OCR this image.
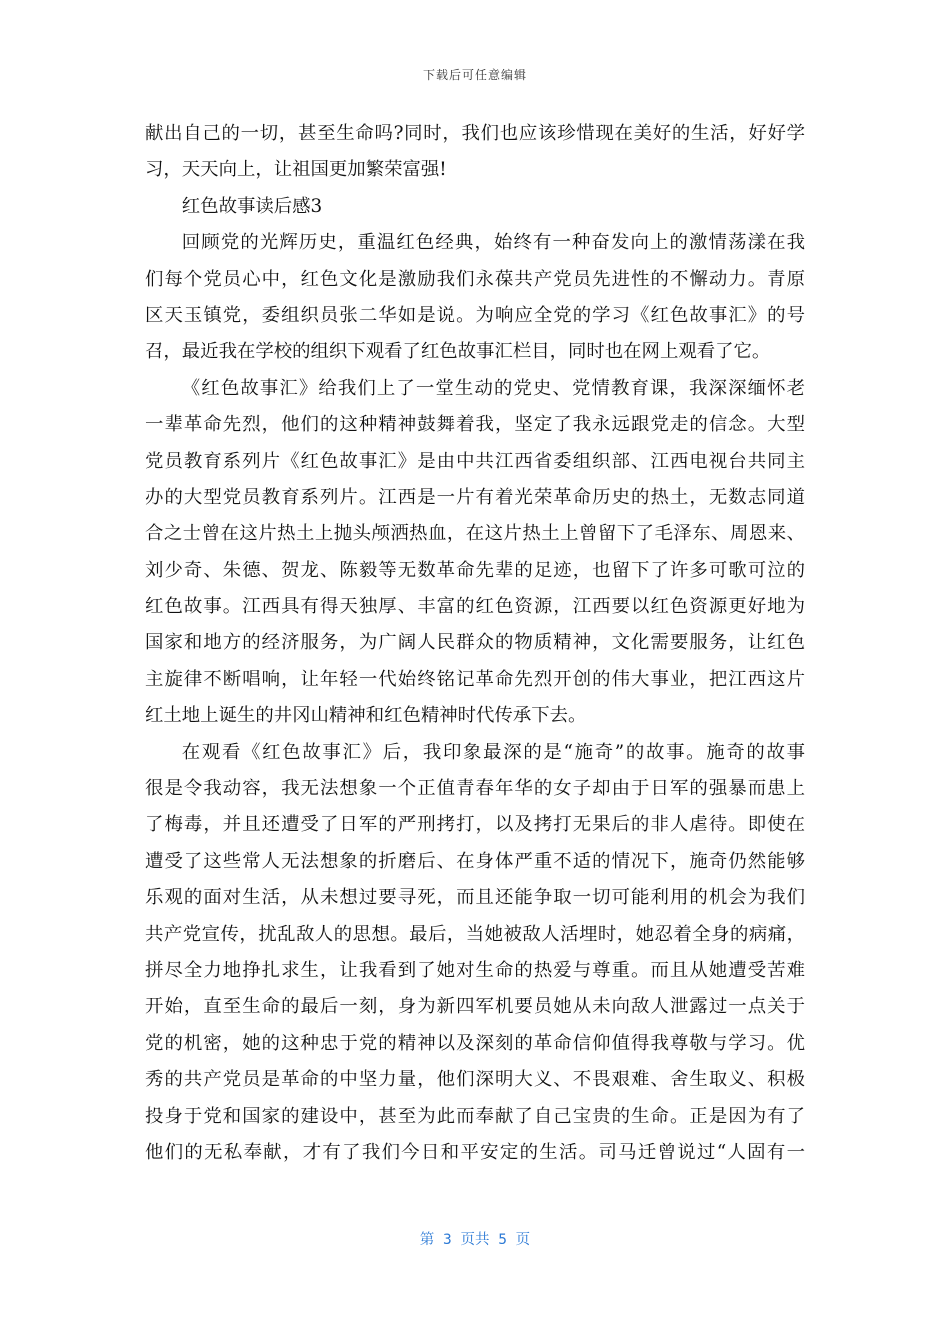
下载后可任意编辑
献出自己的一切，甚至生命吗?同时，我们也应该珍惜现在美好的生活，好好学
习，天天向上，让祖国更加繁荣富强!
红色故事读后感3
回顾党的光辉历史，重温红色经典，始终有一种奋发向上的激情荡漾在我
们每个党员心中，红色文化是激励我们永葆共产党员先进性的不懈动力。青原
区天玉镇党，委组织员张二华如是说。为响应全党的学习《红色故事汇》的号
召，最近我在学校的组织下观看了红色故事汇栏目，同时也在网上观看了它。
《红色故事汇》给我们上了一堂生动的党史、党情教育课，我深深缅怀老
一辈革命先烈，他们的这种精神鼓舞着我，坚定了我永远跟党走的信念。大型
党员教育系列片《红色故事汇》是由中共江西省委组织部、江西电视台共同主
办的大型党员教育系列片。江西是一片有着光荣革命历史的热土，无数志同道
合之士曾在这片热土上抛头颅洒热血，在这片热土上曾留下了毛泽东、周恩来、
刘少奇、朱德、贺龙、陈毅等无数革命先辈的足迹，也留下了许多可歌可泣的
红色故事。江西具有得天独厚、丰富的红色资源，江西要以红色资源更好地为
国家和地方的经济服务，为广阔人民群众的物质精神，文化需要服务，让红色
主旋律不断唱响，让年轻一代始终铭记革命先烈开创的伟大事业，把江西这片
红土地上诞生的井冈山精神和红色精神时代传承下去。
在观看《红色故事汇》后，我印象最深的是“施奇”的故事。施奇的故事
很是令我动容，我无法想象一个正值青春年华的女子却由于日军的强暴而患上
了梅毒，并且还遭受了日军的严刑拷打，以及拷打无果后的非人虐待。即使在
遭受了这些常人无法想象的折磨后、在身体严重不适的情况下，施奇仍然能够
乐观的面对生活，从未想过要寻死，而且还能争取一切可能利用的机会为我们
共产党宣传，扰乱敌人的思想。最后，当她被敌人活埋时，她忍着全身的病痛，
拼尽全力地挣扎求生，让我看到了她对生命的热爱与尊重。而且从她遭受苦难
开始，直至生命的最后一刻，身为新四军机要员她从未向敌人泄露过一点关于
党的机密，她的这种忠于党的精神以及深刻的革命信仰值得我尊敬与学习。优
秀的共产党员是革命的中坚力量，他们深明大义、不畏艰难、舍生取义、积极
投身于党和国家的建设中，甚至为此而奉献了自己宝贵的生命。正是因为有了
他们的无私奉献，才有了我们今日和平安定的生活。司马迁曾说过“人固有一
第 3 页共 5 页
